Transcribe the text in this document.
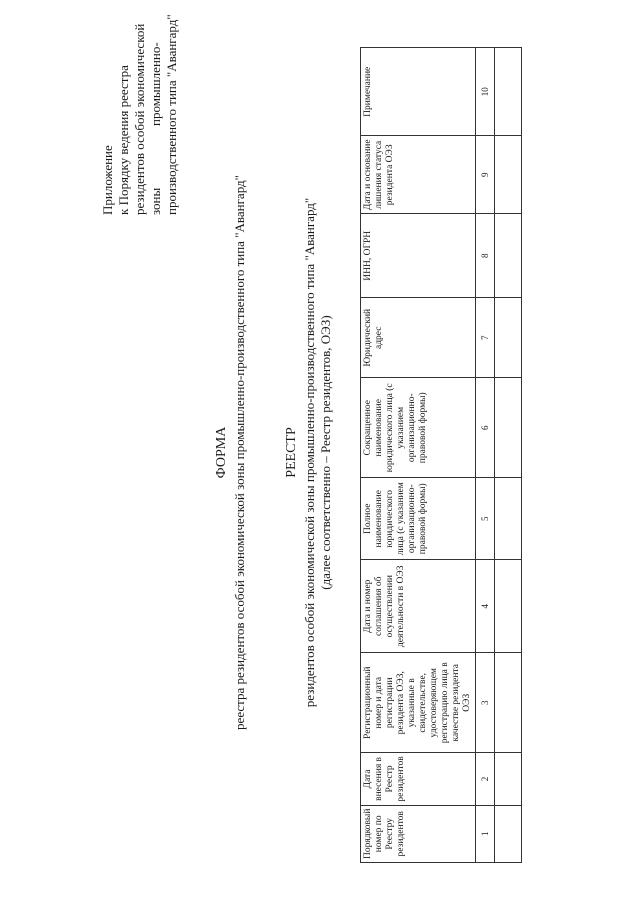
Приложение к Порядку ведения реестра резидентов особой экономической зоны                   промышленно- производственного типа "Авангард"
ФОРМА реестра резидентов особой экономической зоны промышленно-производственного типа "Авангард"	РЕЕСТР резидентов особой экономической зоны промышленно-производственного типа "Авангард" (далее соответственно – Реестр резидентов, ОЭЗ)
Порядковый номер по Реестру резидентов	Дата внесения в Реестр резидентов	Регистрационный номер и дата регистрации резидента ОЭЗ, указанные в свидетельстве, удостоверяющем регистрацию лица в качестве резидента ОЭЗ	Дата и номер соглашения об осуществлении деятельности в ОЭЗ	Полное наименование юридического лица (с указанием организационно-правовой формы)	Сокращенное наименование юридического лица (с указанием организационно-правовой формы)	Юридический адрес	ИНН, ОГРН	Дата и основание лишения статуса резидента ОЭЗ	Примечание
1	2	3	4	5	6	7	8	9	10
